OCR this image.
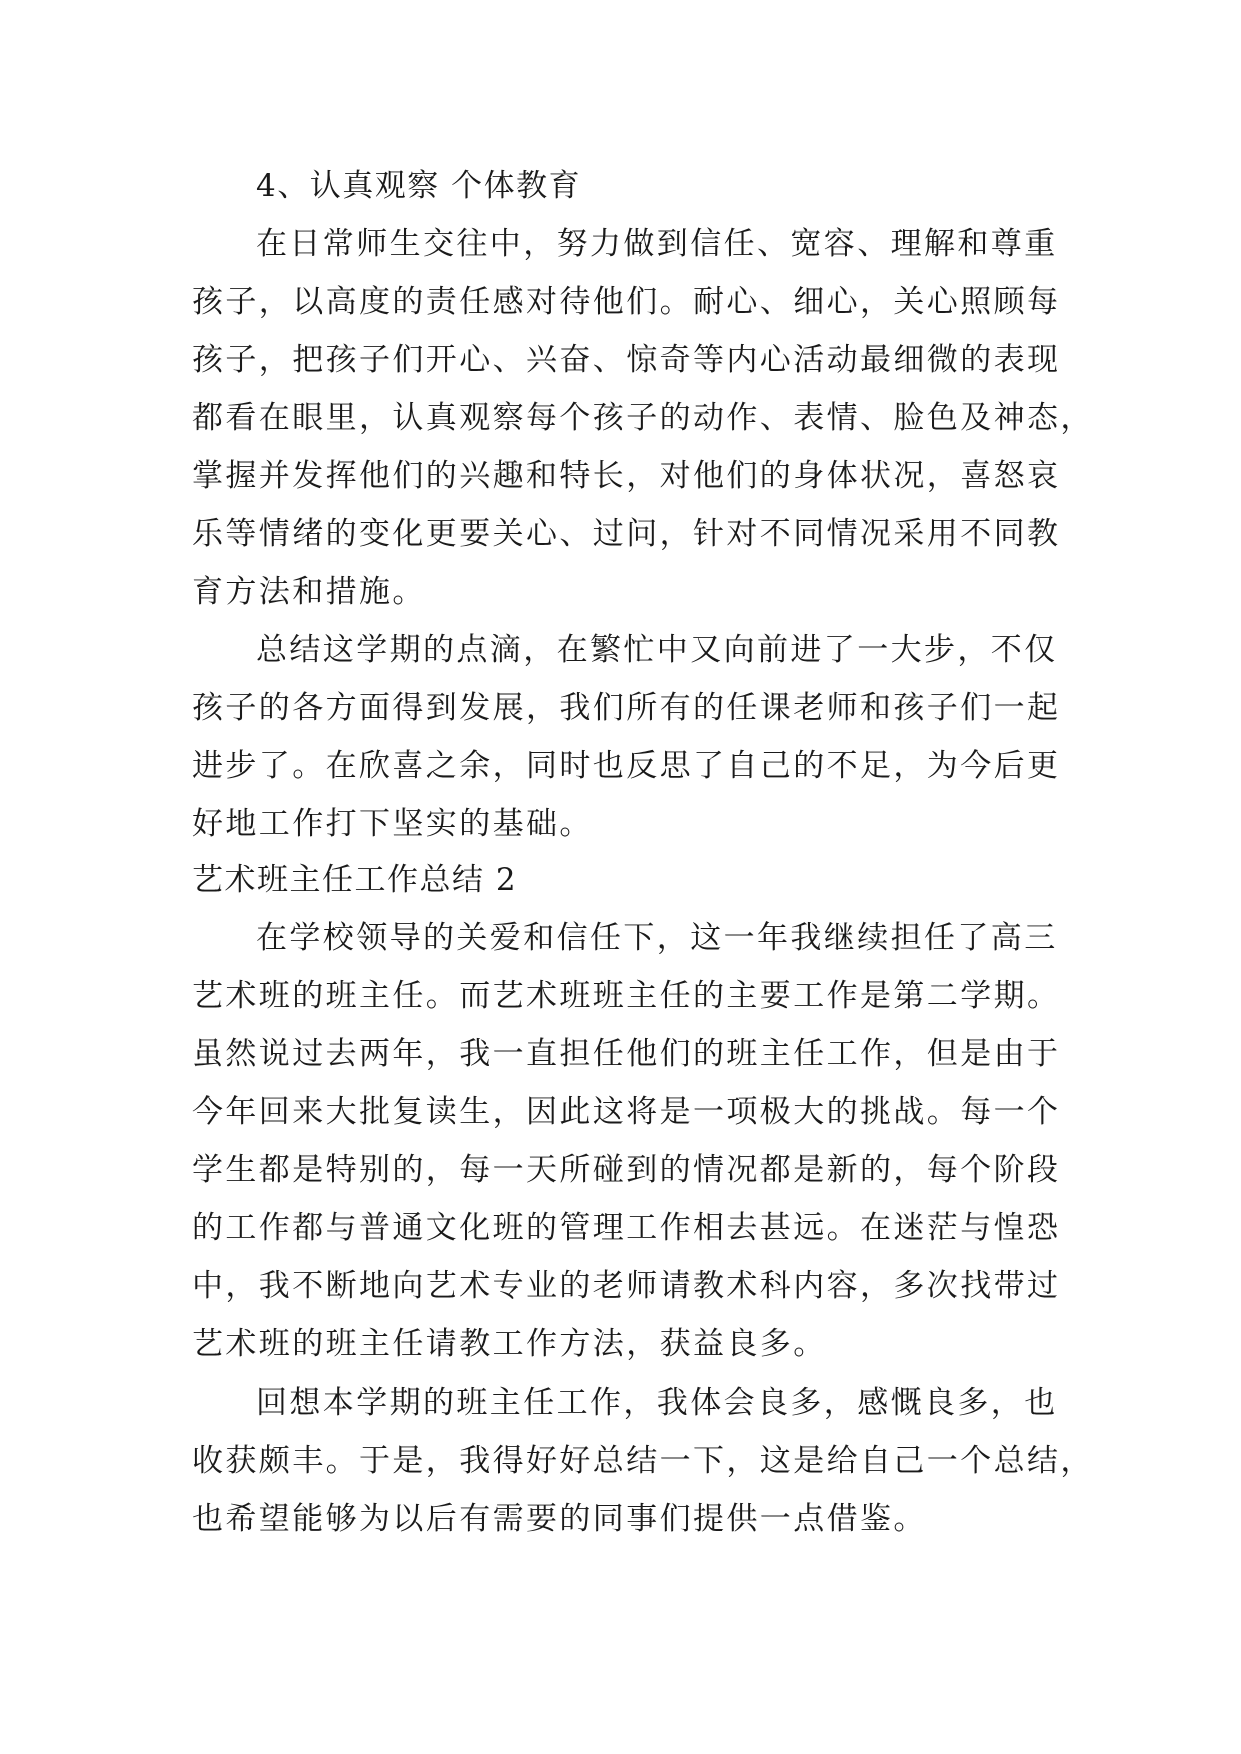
4、认真观察 个体教育
在日常师生交往中，努力做到信任、宽容、理解和尊重
孩子，以高度的责任感对待他们。耐心、细心，关心照顾每
孩子，把孩子们开心、兴奋、惊奇等内心活动最细微的表现
都看在眼里，认真观察每个孩子的动作、表情、脸色及神态，
掌握并发挥他们的兴趣和特长，对他们的身体状况，喜怒哀
乐等情绪的变化更要关心、过问，针对不同情况采用不同教
育方法和措施。
总结这学期的点滴，在繁忙中又向前进了一大步，不仅
孩子的各方面得到发展，我们所有的任课老师和孩子们一起
进步了。在欣喜之余，同时也反思了自己的不足，为今后更
好地工作打下坚实的基础。
艺术班主任工作总结 2
在学校领导的关爱和信任下，这一年我继续担任了高三
艺术班的班主任。而艺术班班主任的主要工作是第二学期。
虽然说过去两年，我一直担任他们的班主任工作，但是由于
今年回来大批复读生，因此这将是一项极大的挑战。每一个
学生都是特别的，每一天所碰到的情况都是新的，每个阶段
的工作都与普通文化班的管理工作相去甚远。在迷茫与惶恐
中，我不断地向艺术专业的老师请教术科内容，多次找带过
艺术班的班主任请教工作方法，获益良多。
回想本学期的班主任工作，我体会良多，感慨良多，也
收获颇丰。于是，我得好好总结一下，这是给自己一个总结，
也希望能够为以后有需要的同事们提供一点借鉴。
